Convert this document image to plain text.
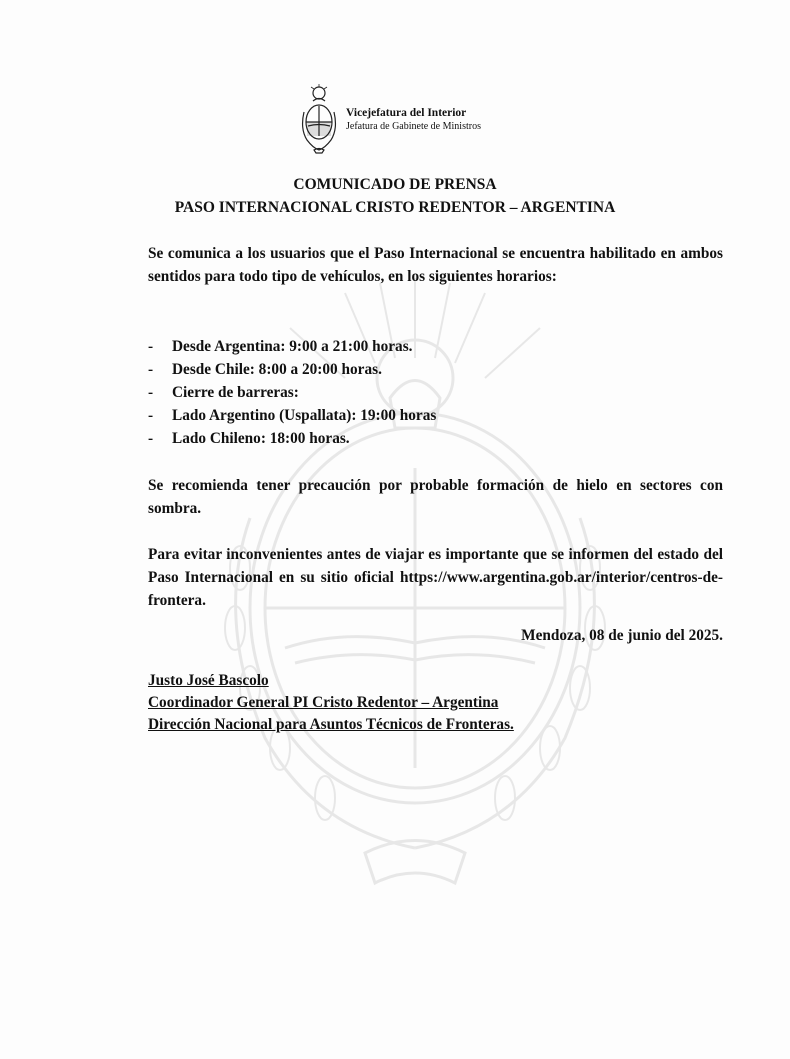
Vicejefatura del Interior
Jefatura de Gabinete de Ministros
COMUNICADO DE PRENSA
PASO INTERNACIONAL CRISTO REDENTOR – ARGENTINA
Se comunica a los usuarios que el Paso Internacional se encuentra habilitado en ambos sentidos para todo tipo de vehículos, en los siguientes horarios:
-	Desde Argentina: 9:00 a 21:00 horas.
-	Desde Chile: 8:00 a 20:00 horas.
-	Cierre de barreras:
-	Lado Argentino (Uspallata): 19:00 horas
-	Lado Chileno: 18:00 horas.
Se recomienda tener precaución por probable formación de hielo en sectores con sombra.
Para evitar inconvenientes antes de viajar es importante que se informen del estado del Paso Internacional en su sitio oficial https://www.argentina.gob.ar/interior/centros-de-frontera.
Mendoza, 08 de junio del 2025.
Justo José Bascolo
Coordinador General PI Cristo Redentor – Argentina
Dirección Nacional para Asuntos Técnicos de Fronteras.
